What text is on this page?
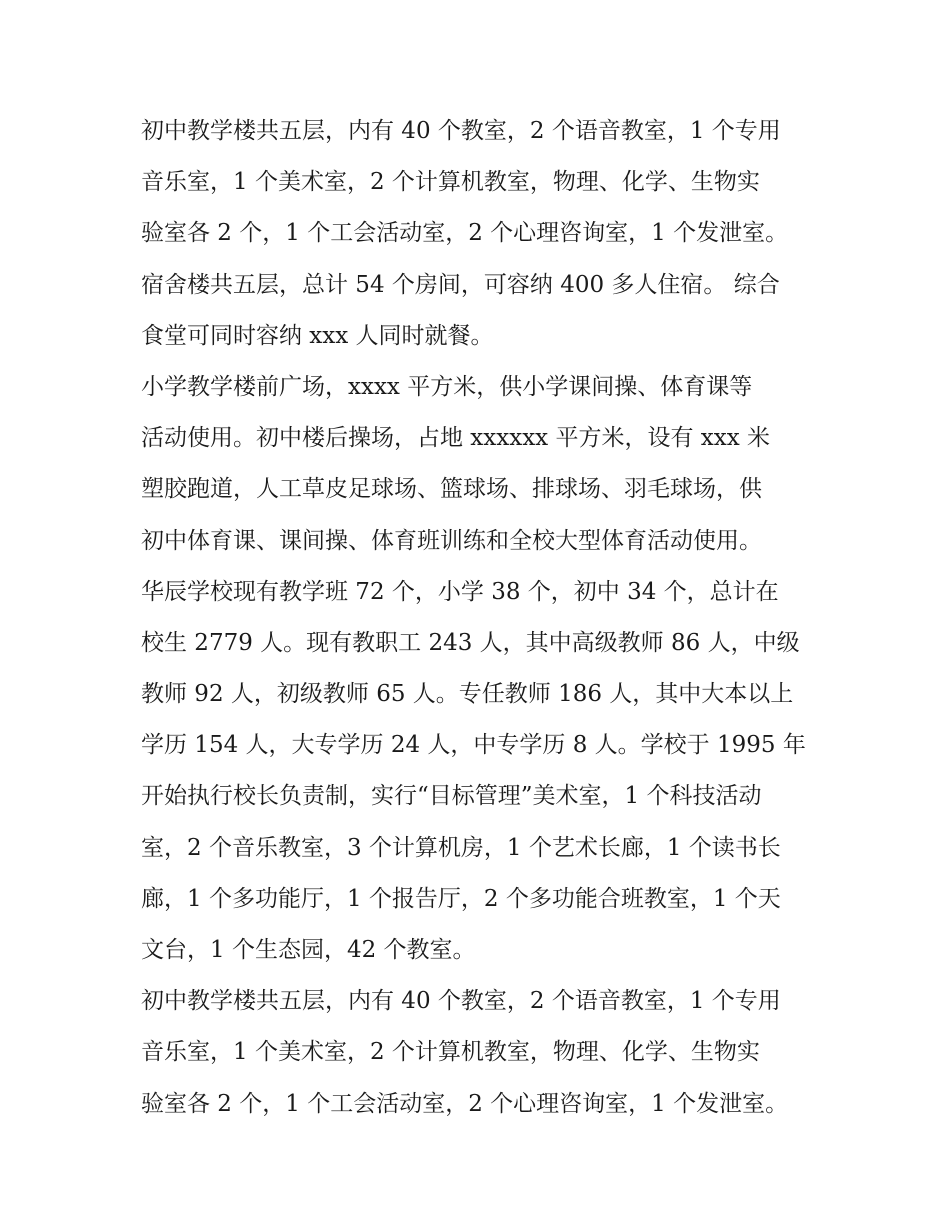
初中教学楼共五层，内有 40 个教室，2 个语音教室，1 个专用
音乐室，1 个美术室，2 个计算机教室，物理、化学、生物实
验室各 2 个，1 个工会活动室，2 个心理咨询室，1 个发泄室。
宿舍楼共五层，总计 54 个房间，可容纳 400 多人住宿。 综合
食堂可同时容纳 xxx 人同时就餐。
小学教学楼前广场，xxxx 平方米，供小学课间操、体育课等
活动使用。初中楼后操场，占地 xxxxxx 平方米，设有 xxx 米
塑胶跑道，人工草皮足球场、篮球场、排球场、羽毛球场，供
初中体育课、课间操、体育班训练和全校大型体育活动使用。
华辰学校现有教学班 72 个，小学 38 个，初中 34 个，总计在
校生 2779 人。现有教职工 243 人，其中高级教师 86 人，中级
教师 92 人，初级教师 65 人。专任教师 186 人，其中大本以上
学历 154 人，大专学历 24 人，中专学历 8 人。学校于 1995 年
开始执行校长负责制，实行“目标管理”美术室，1 个科技活动
室，2 个音乐教室，3 个计算机房，1 个艺术长廊，1 个读书长
廊，1 个多功能厅，1 个报告厅，2 个多功能合班教室，1 个天
文台，1 个生态园，42 个教室。
初中教学楼共五层，内有 40 个教室，2 个语音教室，1 个专用
音乐室，1 个美术室，2 个计算机教室，物理、化学、生物实
验室各 2 个，1 个工会活动室，2 个心理咨询室，1 个发泄室。
